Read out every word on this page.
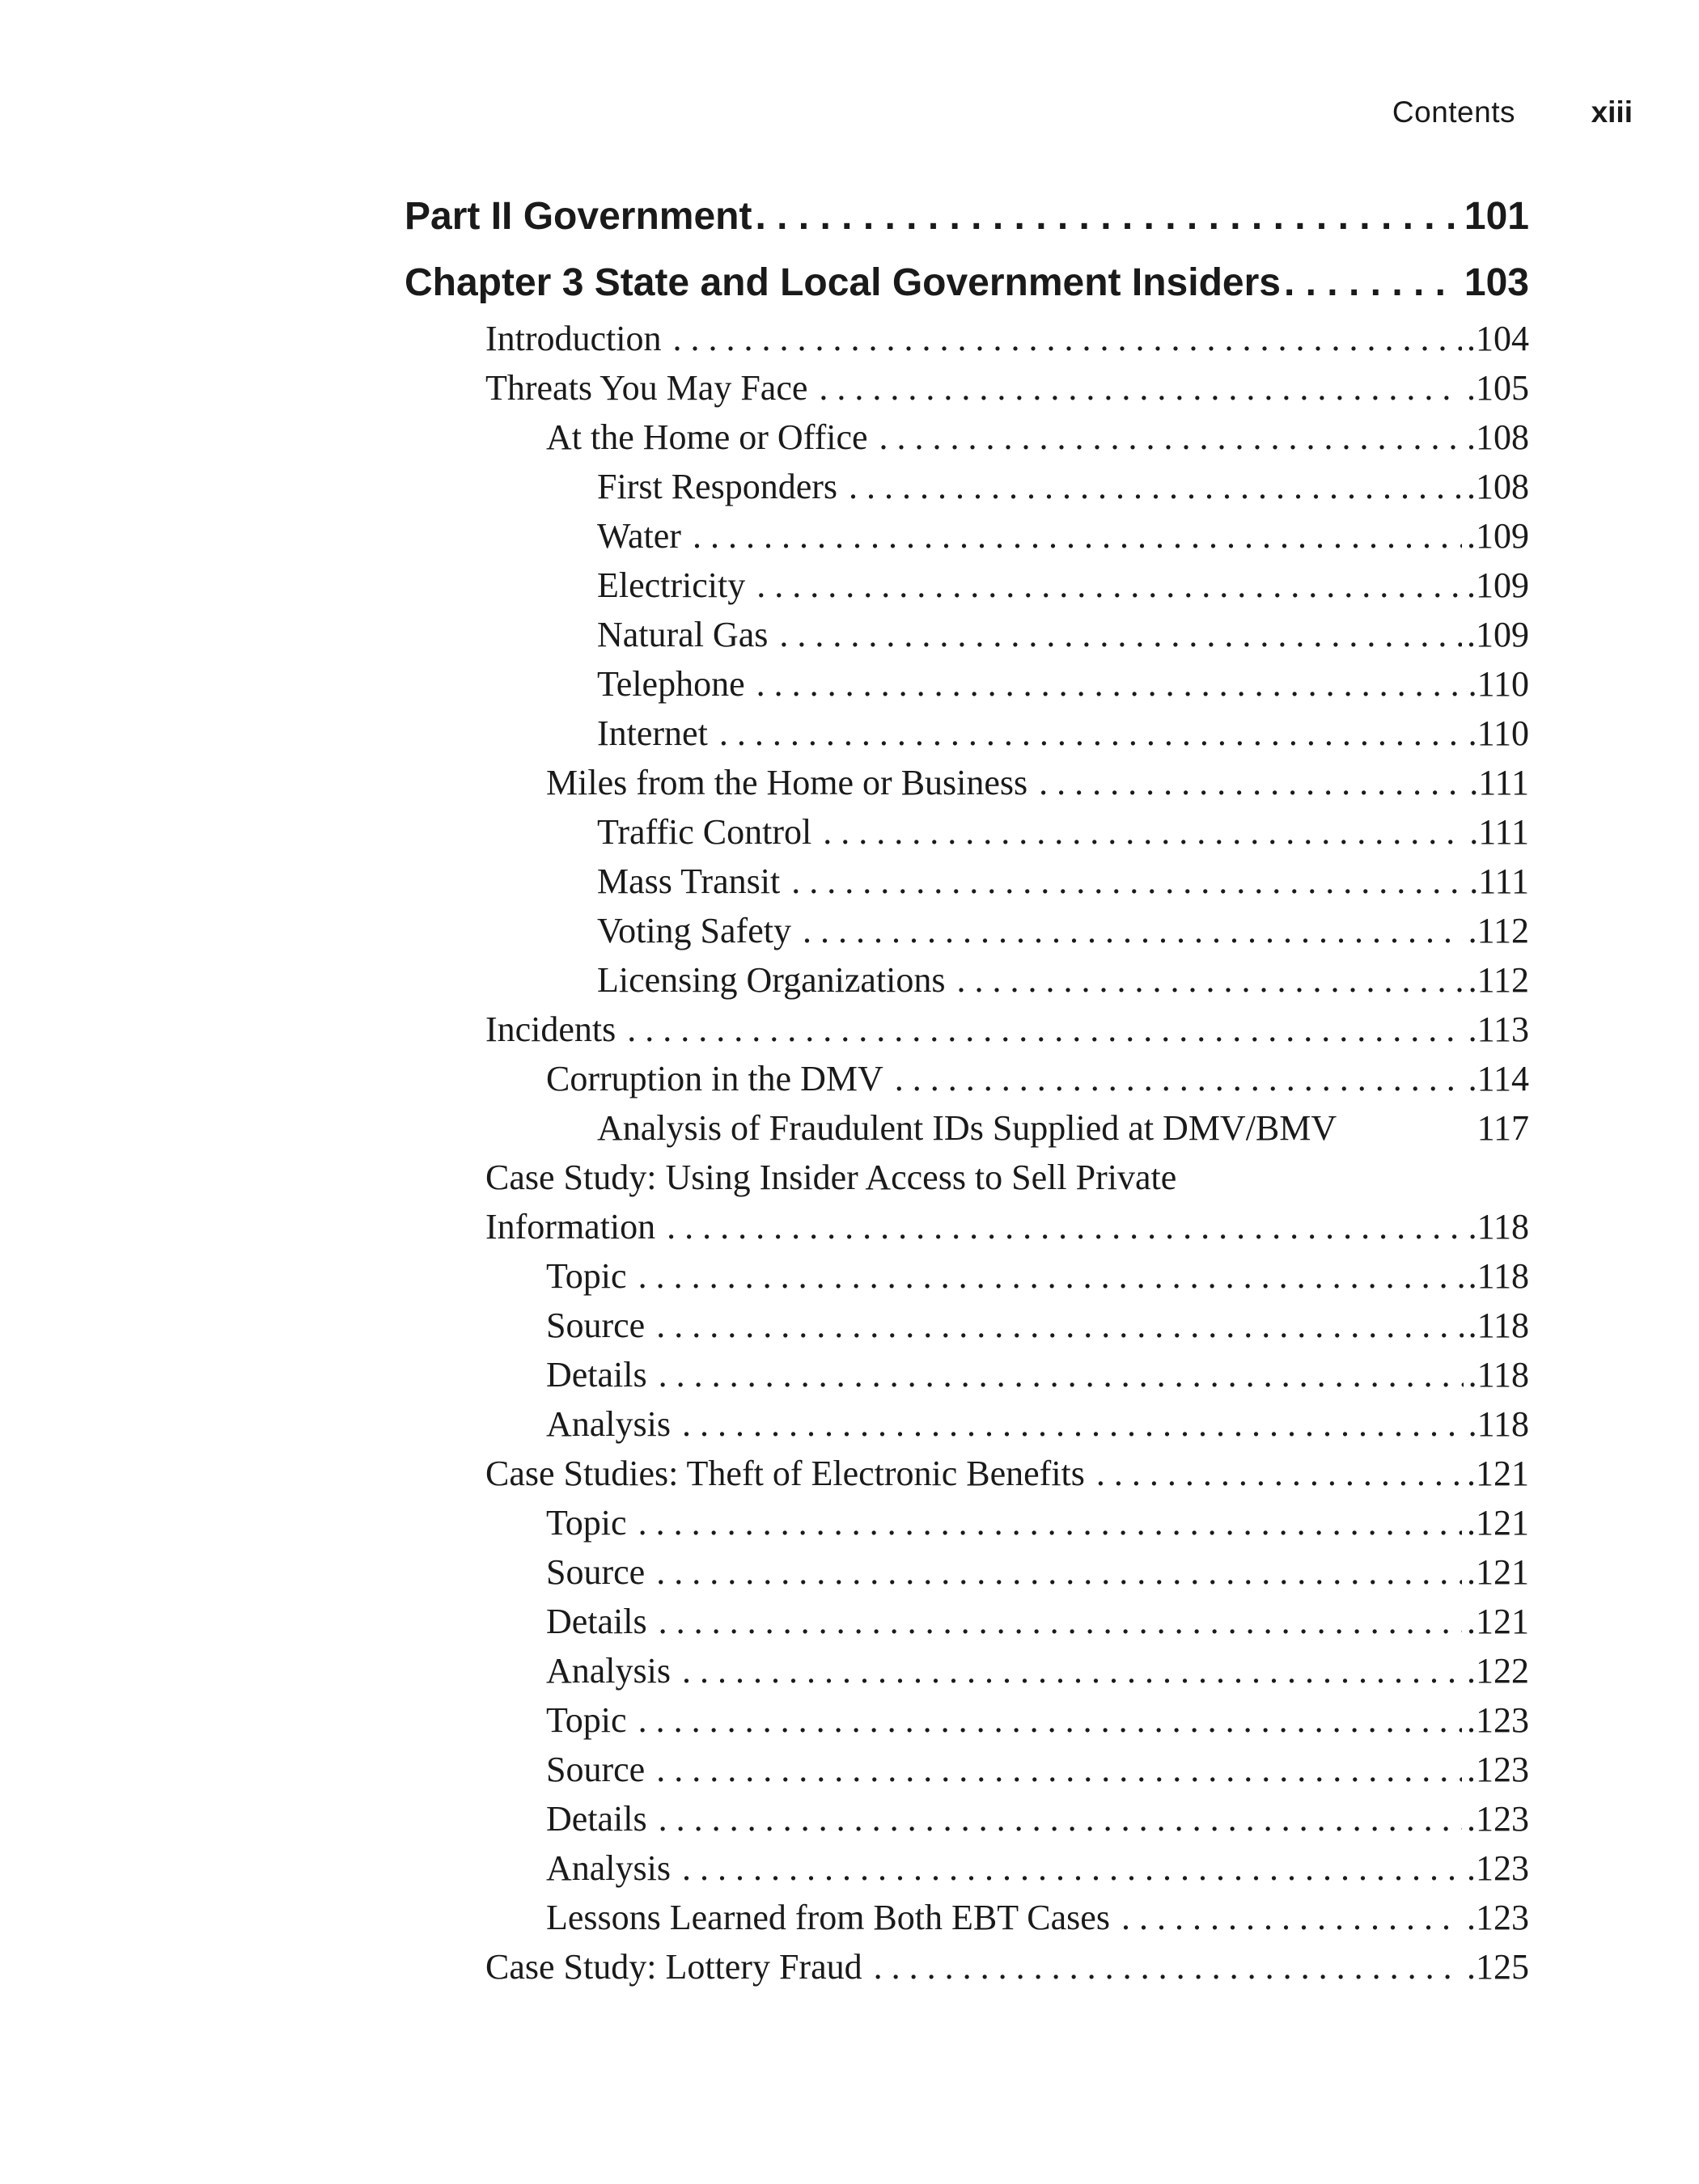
Contents	xiii
Part II Government . . .	101
Chapter 3 State and Local Government Insiders . . .	103
Introduction . . .	.104
Threats You May Face . . .	.105
At the Home or Office . . .	.108
First Responders . . .	.108
Water . . .	.109
Electricity . . .	.109
Natural Gas . . .	.109
Telephone . . .	.110
Internet . . .	.110
Miles from the Home or Business . . .	.111
Traffic Control . . .	.111
Mass Transit . . .	.111
Voting Safety . . .	.112
Licensing Organizations . . .	.112
Incidents . . .	.113
Corruption in the DMV . . .	.114
Analysis of Fraudulent IDs Supplied at DMV/BMV	117
Case Study: Using Insider Access to Sell Private
Information . . .	.118
Topic . . .	.118
Source . . .	.118
Details . . .	.118
Analysis . . .	.118
Case Studies: Theft of Electronic Benefits . . .	.121
Topic . . .	.121
Source . . .	.121
Details . . .	.121
Analysis . . .	.122
Topic . . .	.123
Source . . .	.123
Details . . .	.123
Analysis . . .	.123
Lessons Learned from Both EBT Cases . . .	.123
Case Study: Lottery Fraud . . .	.125
